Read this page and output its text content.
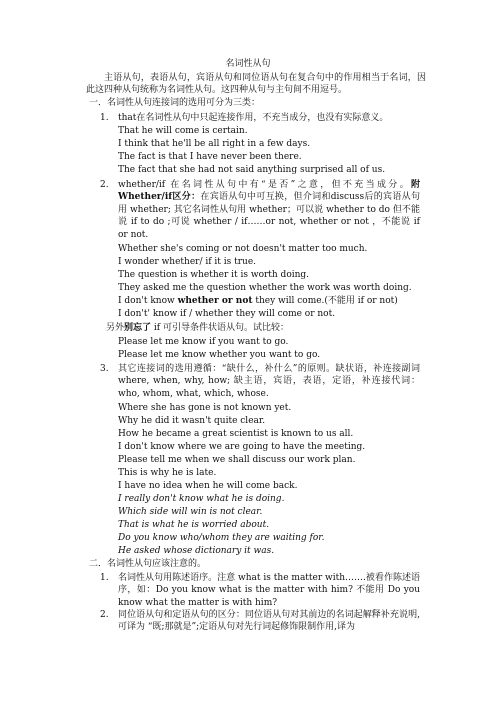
名词性从句
主语从句，表语从句，宾语从句和同位语从句在复合句中的作用相当于名词，因此这四种从句统称为名词性从句。这四种从句与主句间不用逗号。
一．名词性从句连接词的选用可分为三类：
1. that在名词性从句中只起连接作用，不充当成分，也没有实际意义。
That he will come is certain.
I think that he'll be all right in a few days.
The fact is that I have never been there.
The fact that she had not said anything surprised all of us.
2. whether/if 在名词性从句中有“是否”之意，但不充当成分。附Whether/if区分：在宾语从句中可互换，但介词和discuss后的宾语从句用 whether; 其它名词性从句用 whether；可以说 whether to do 但不能说 if to do ;可说 whether / if……or not, whether or not ，不能说 if or not.
Whether she's coming or not doesn't matter too much.
I wonder whether/ if it is true.
The question is whether it is worth doing.
They asked me the question whether the work was worth doing.
I don't know whether or not they will come.(不能用 if or not)
I don't' know if / whether they will come or not.
另外别忘了 if 可引导条件状语从句。试比较：
Please let me know if you want to go.
Please let me know whether you want to go.
3. 其它连接词的选用遵循：“缺什么，补什么”的原则。缺状语，补连接副词 where, when, why, how; 缺主语，宾语，表语，定语，补连接代词：who, whom, what, which, whose.
Where she has gone is not known yet.
Why he did it wasn't quite clear.
How he became a great scientist is known to us all.
I don't know where we are going to have the meeting.
Please tell me when we shall discuss our work plan.
This is why he is late.
I have no idea when he will come back.
I really don't know what he is doing.
Which side will win is not clear.
That is what he is worried about.
Do you know who/whom they are waiting for.
He asked whose dictionary it was.
二．名词性从句应该注意的。
1. 名词性从句用陈述语序。注意 what is the matter with…….被看作陈述语序，如：Do you know what is the matter with him? 不能用 Do you know what the matter is with him?
2. 同位语从句和定语从句的区分：同位语从句对其前边的名词起解释补充说明,可译为 “既;那就是”;定语从句对先行词起修饰限制作用,译为
